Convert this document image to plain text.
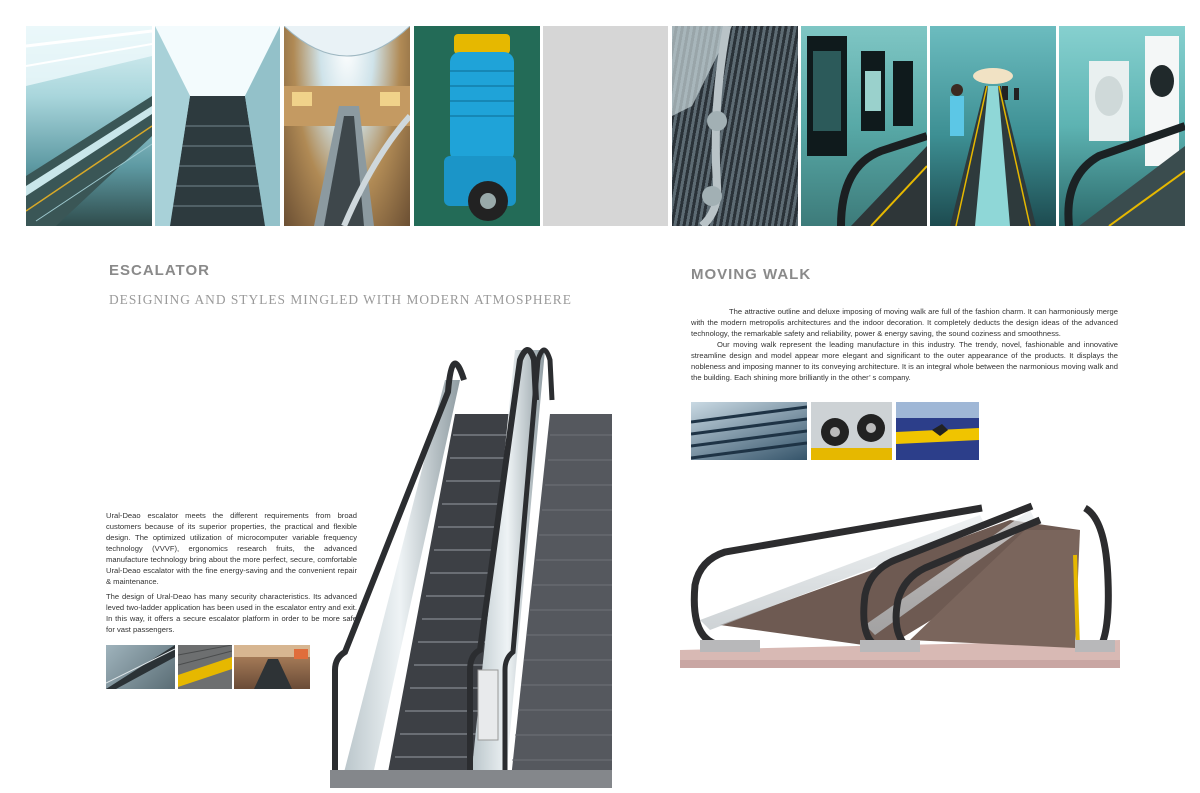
ESCALATOR
DESIGNING AND STYLES MINGLED WITH MODERN ATMOSPHERE

Ural-Deao escalator meets the different requirements from broad customers because of its superior properties, the practical and flexible design. The optimized utilization of microcomputer variable frequency technology (VVVF), ergonomics research fruits, the advanced manufacture technology bring about the more perfect, secure, comfortable Ural-Deao escalator with the fine energy-saving and the convenient repair & maintenance.

The design of Ural-Deao has many security characteristics. Its advanced leved two-ladder application has been used in the escalator entry and exit. In this way, it offers a secure escalator platform in order to be more safe for vast passengers.

MOVING WALK

The attractive outline and deluxe imposing of moving walk are full of the fashion charm. It can harmoniously merge with the modern metropolis architectures and the indoor decoration. It completely deducts the design ideas of the advanced technology, the remarkable safety and reliability, power & energy saving, the sound coziness and smoothness.

Our moving walk represent the leading manufacture in this industry. The trendy, novel, fashionable and innovative streamline design and model appear more elegant and significant to the outer appearance of the products. It displays the nobleness and imposing manner to its conveying architecture. It is an integral whole between the narmonious moving walk and the building. Each shining more brilliantly in the other’ s company.
